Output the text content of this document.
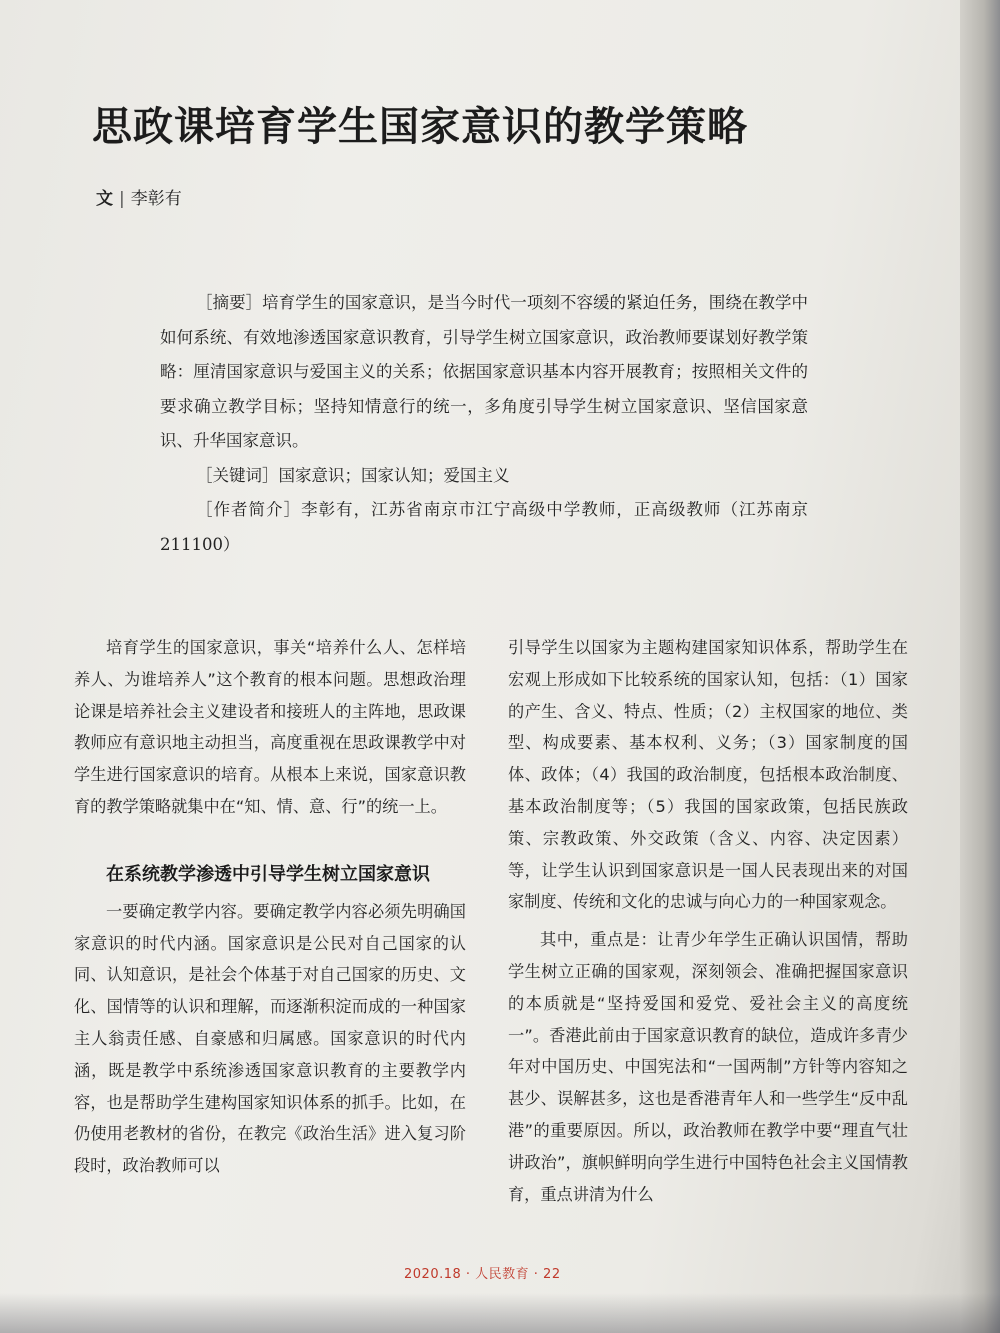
思政课培育学生国家意识的教学策略
文 | 李彰有

［摘要］培育学生的国家意识，是当今时代一项刻不容缓的紧迫任务，围绕在教学中如何系统、有效地渗透国家意识教育，引导学生树立国家意识，政治教师要谋划好教学策略：厘清国家意识与爱国主义的关系；依据国家意识基本内容开展教育；按照相关文件的要求确立教学目标；坚持知情意行的统一，多角度引导学生树立国家意识、坚信国家意识、升华国家意识。

［关键词］国家意识；国家认知；爱国主义

［作者简介］李彰有，江苏省南京市江宁高级中学教师，正高级教师（江苏南京 211100）

培育学生的国家意识，事关“培养什么人、怎样培养人、为谁培养人”这个教育的根本问题。思想政治理论课是培养社会主义建设者和接班人的主阵地，思政课教师应有意识地主动担当，高度重视在思政课教学中对学生进行国家意识的培育。从根本上来说，国家意识教育的教学策略就集中在“知、情、意、行”的统一上。

在系统教学渗透中引导学生树立国家意识

一要确定教学内容。要确定教学内容必须先明确国家意识的时代内涵。国家意识是公民对自己国家的认同、认知意识，是社会个体基于对自己国家的历史、文化、国情等的认识和理解，而逐渐积淀而成的一种国家主人翁责任感、自豪感和归属感。国家意识的时代内涵，既是教学中系统渗透国家意识教育的主要教学内容，也是帮助学生建构国家知识体系的抓手。比如，在仍使用老教材的省份，在教完《政治生活》进入复习阶段时，政治教师可以

引导学生以国家为主题构建国家知识体系，帮助学生在宏观上形成如下比较系统的国家认知，包括：（1）国家的产生、含义、特点、性质；（2）主权国家的地位、类型、构成要素、基本权利、义务；（3）国家制度的国体、政体；（4）我国的政治制度，包括根本政治制度、基本政治制度等；（5）我国的国家政策，包括民族政策、宗教政策、外交政策（含义、内容、决定因素）等，让学生认识到国家意识是一国人民表现出来的对国家制度、传统和文化的忠诚与向心力的一种国家观念。

其中，重点是：让青少年学生正确认识国情，帮助学生树立正确的国家观，深刻领会、准确把握国家意识的本质就是“坚持爱国和爱党、爱社会主义的高度统一”。香港此前由于国家意识教育的缺位，造成许多青少年对中国历史、中国宪法和“一国两制”方针等内容知之甚少、误解甚多，这也是香港青年人和一些学生“反中乱港”的重要原因。所以，政治教师在教学中要“理直气壮讲政治”，旗帜鲜明向学生进行中国特色社会主义国情教育，重点讲清为什么

2020.18 · 人民教育 · 22
